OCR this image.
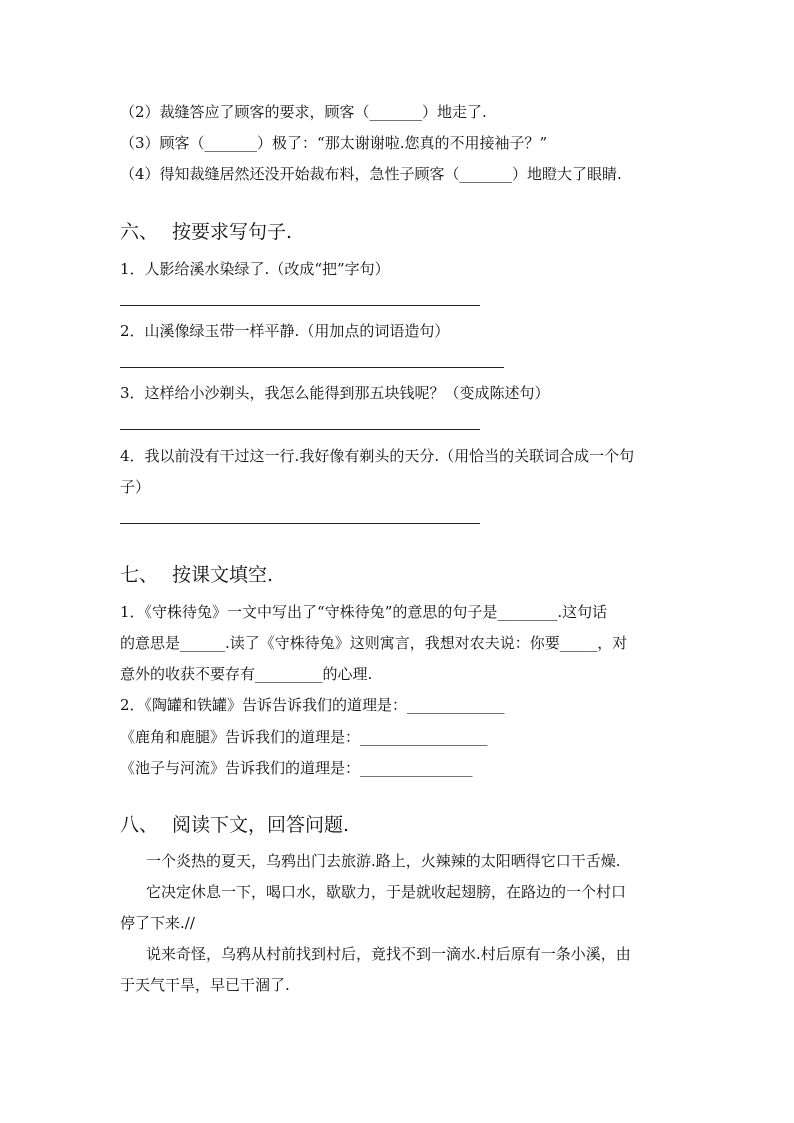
（2）裁缝答应了顾客的要求，顾客（_______）地走了.
（3）顾客（_______）极了：“那太谢谢啦.您真的不用接袖子？”
（4）得知裁缝居然还没开始裁布料，急性子顾客（_______）地瞪大了眼睛.
六、 按要求写句子.
1．人影给溪水染绿了.（改成“把”字句）
2．山溪像绿玉带一样平静.（用加点的词语造句）
3．这样给小沙剃头，我怎么能得到那五块钱呢？（变成陈述句）
4．我以前没有干过这一行.我好像有剃头的天分.（用恰当的关联词合成一个句
子）
七、 按课文填空.
1．《守株待兔》一文中写出了“守株待兔”的意思的句子是________.这句话
的意思是______.读了《守株待兔》这则寓言，我想对农夫说：你要_____，对
意外的收获不要存有_________的心理.
2．《陶罐和铁罐》告诉告诉我们的道理是：_____________
《鹿角和鹿腿》告诉我们的道理是：_________________
《池子与河流》告诉我们的道理是：_______________
八、 阅读下文，回答问题.
一个炎热的夏天，乌鸦出门去旅游.路上，火辣辣的太阳晒得它口干舌燥.
它决定休息一下，喝口水，歇歇力，于是就收起翅膀，在路边的一个村口
停了下来.//
说来奇怪，乌鸦从村前找到村后，竟找不到一滴水.村后原有一条小溪，由
于天气干旱，早已干涸了.
